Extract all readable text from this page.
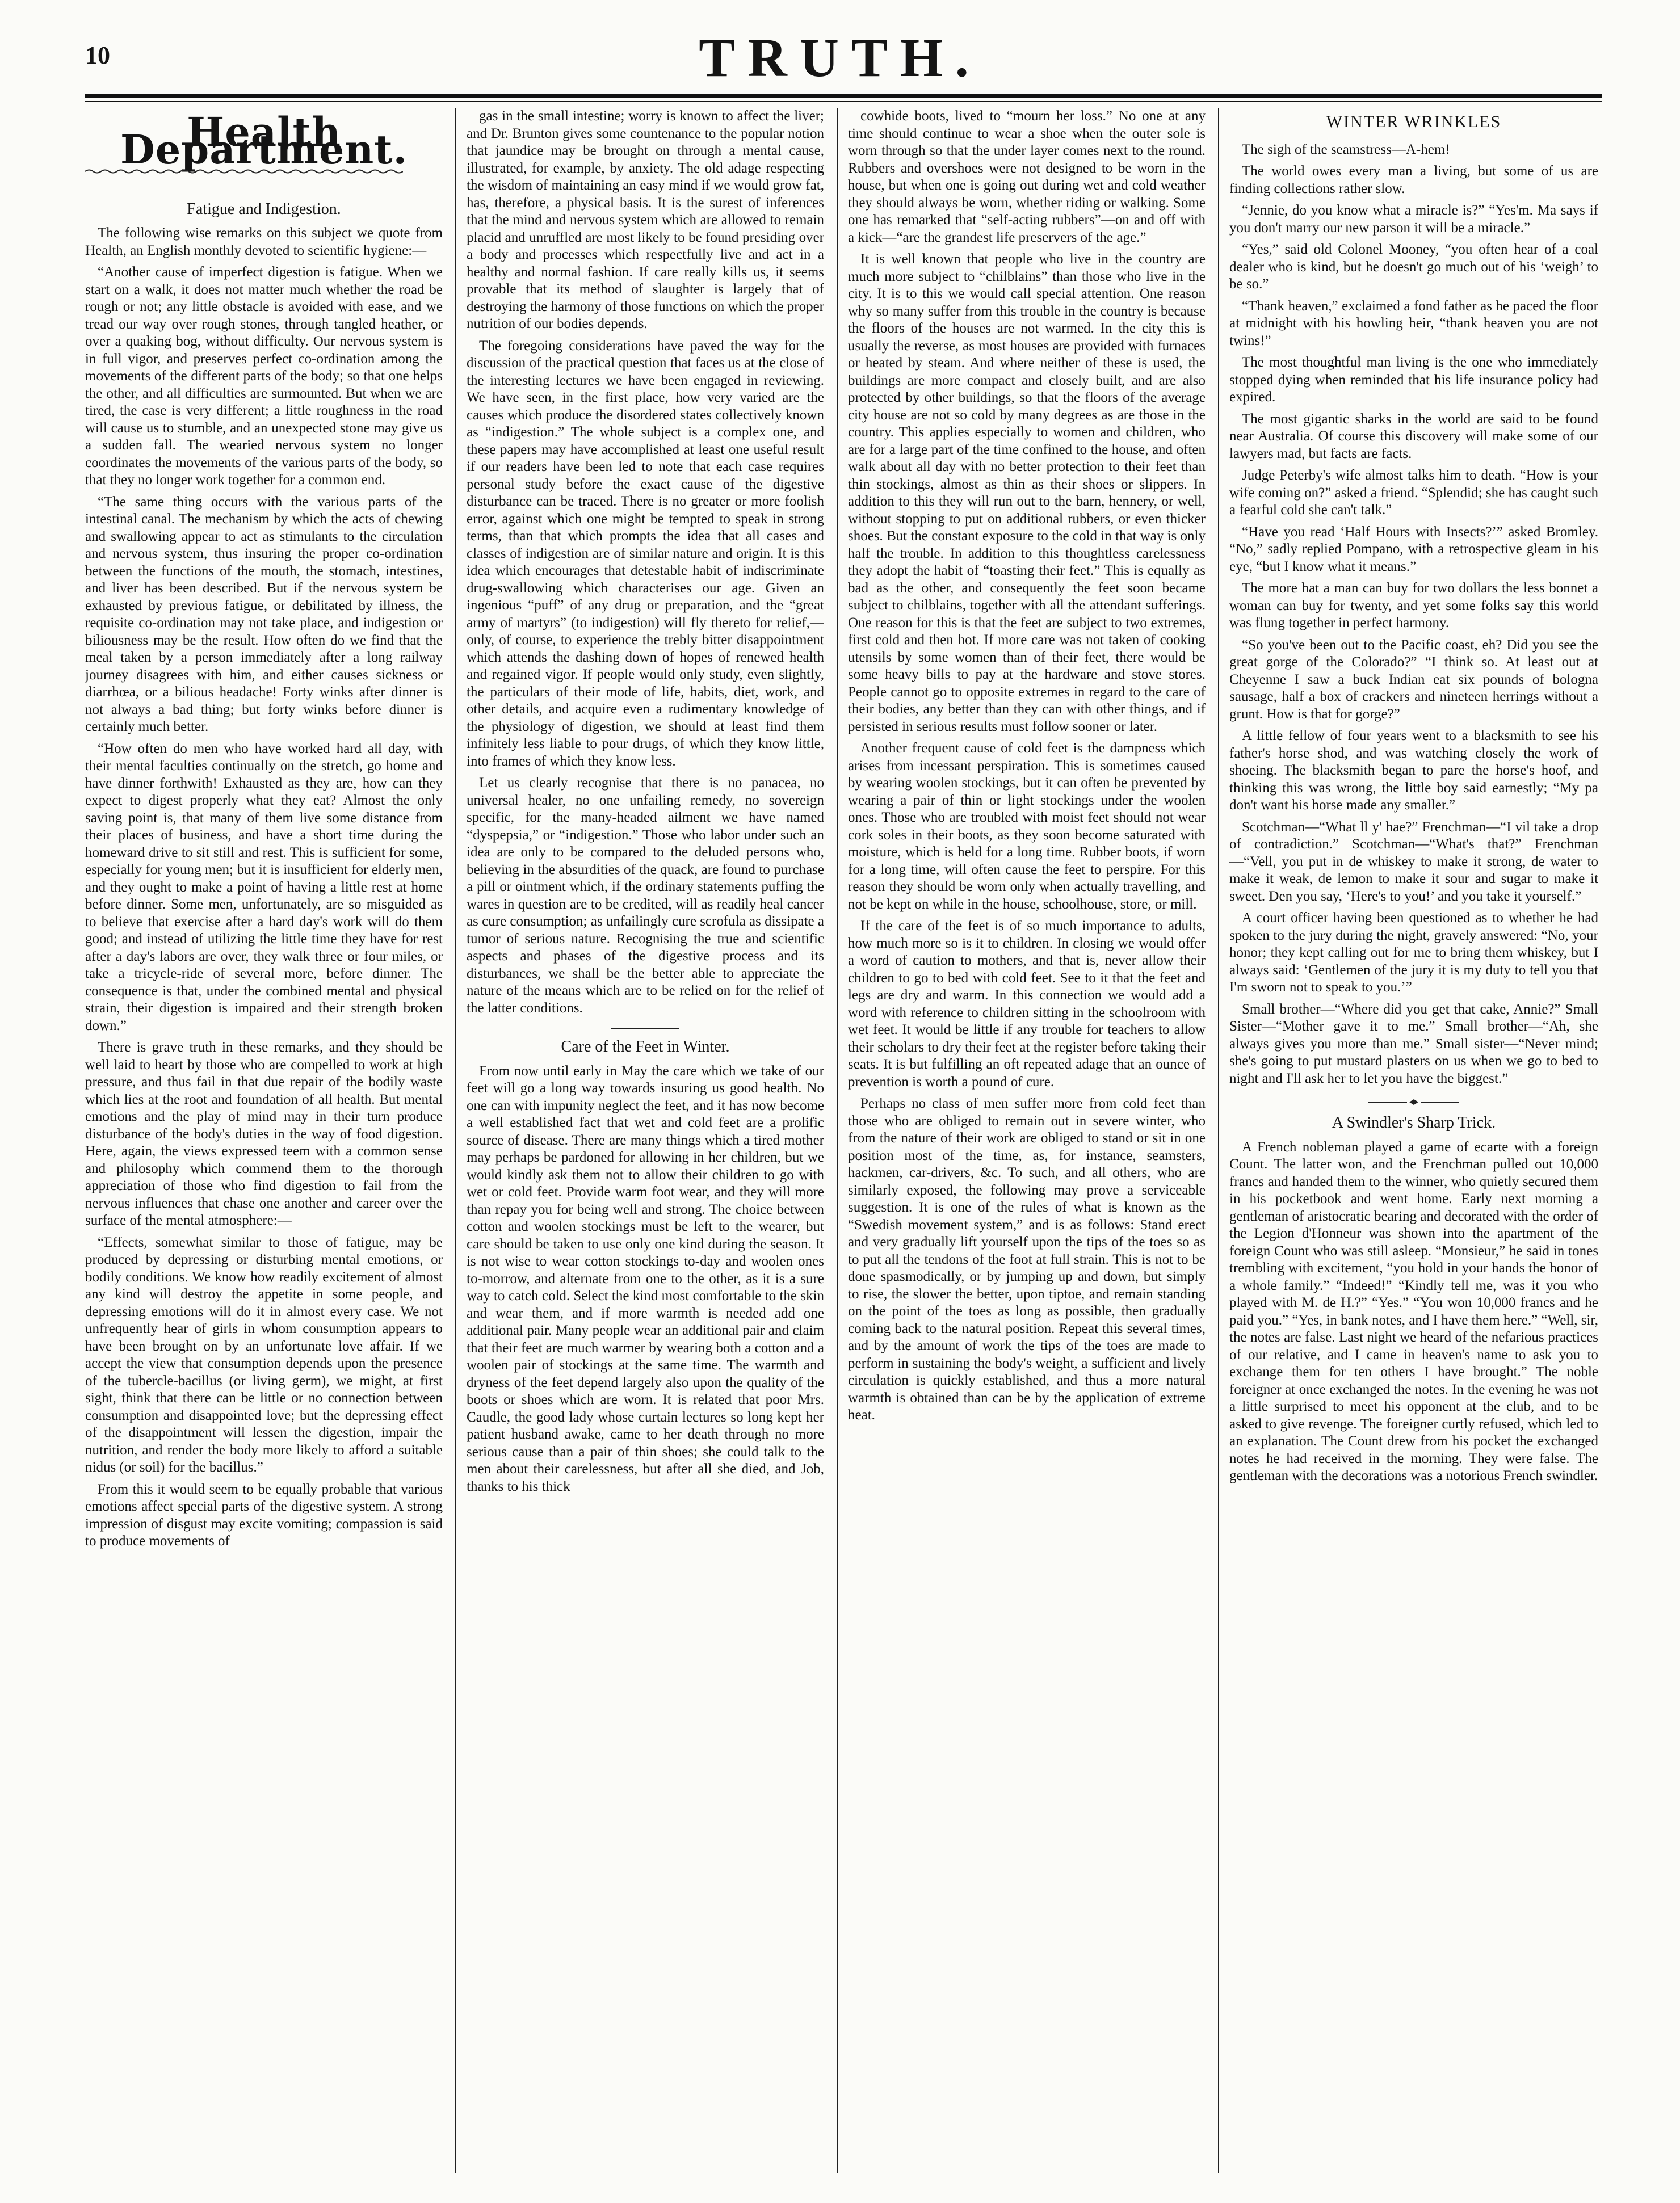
10	TRUTH.
Health Department.
Fatigue and Indigestion.

The following wise remarks on this subject we quote from Health, an English monthly devoted to scientific hygiene:—

“Another cause of imperfect digestion is fatigue. When we start on a walk, it does not matter much whether the road be rough or not; any little obstacle is avoided with ease, and we tread our way over rough stones, through tangled heather, or over a quaking bog, without difficulty. Our nervous system is in full vigor, and preserves perfect co-ordination among the movements of the different parts of the body; so that one helps the other, and all difficulties are surmounted. But when we are tired, the case is very different; a little roughness in the road will cause us to stumble, and an unexpected stone may give us a sudden fall. The wearied nervous system no longer coordinates the movements of the various parts of the body, so that they no longer work together for a common end.

“The same thing occurs with the various parts of the intestinal canal. The mechanism by which the acts of chewing and swallowing appear to act as stimulants to the circulation and nervous system, thus insuring the proper co-ordination between the functions of the mouth, the stomach, intestines, and liver has been described. But if the nervous system be exhausted by previous fatigue, or debilitated by illness, the requisite co-ordination may not take place, and indigestion or biliousness may be the result. How often do we find that the meal taken by a person immediately after a long railway journey disagrees with him, and either causes sickness or diarrhœa, or a bilious headache! Forty winks after dinner is not always a bad thing; but forty winks before dinner is certainly much better.

“How often do men who have worked hard all day, with their mental faculties continually on the stretch, go home and have dinner forthwith! Exhausted as they are, how can they expect to digest properly what they eat? Almost the only saving point is, that many of them live some distance from their places of business, and have a short time during the homeward drive to sit still and rest. This is sufficient for some, especially for young men; but it is insufficient for elderly men, and they ought to make a point of having a little rest at home before dinner. Some men, unfortunately, are so misguided as to believe that exercise after a hard day's work will do them good; and instead of utilizing the little time they have for rest after a day's labors are over, they walk three or four miles, or take a tricycle-ride of several more, before dinner. The consequence is that, under the combined mental and physical strain, their digestion is impaired and their strength broken down.”

There is grave truth in these remarks, and they should be well laid to heart by those who are compelled to work at high pressure, and thus fail in that due repair of the bodily waste which lies at the root and foundation of all health. But mental emotions and the play of mind may in their turn produce disturbance of the body's duties in the way of food digestion. Here, again, the views expressed teem with a common sense and philosophy which commend them to the thorough appreciation of those who find digestion to fail from the nervous influences that chase one another and career over the surface of the mental atmosphere:—

“Effects, somewhat similar to those of fatigue, may be produced by depressing or disturbing mental emotions, or bodily conditions. We know how readily excitement of almost any kind will destroy the appetite in some people, and depressing emotions will do it in almost every case. We not unfrequently hear of girls in whom consumption appears to have been brought on by an unfortunate love affair. If we accept the view that consumption depends upon the presence of the tubercle-bacillus (or living germ), we might, at first sight, think that there can be little or no connection between consumption and disappointed love; but the depressing effect of the disappointment will lessen the digestion, impair the nutrition, and render the body more likely to afford a suitable nidus (or soil) for the bacillus.”

From this it would seem to be equally probable that various emotions affect special parts of the digestive system. A strong impression of disgust may excite vomiting; compassion is said to produce movements of

gas in the small intestine; worry is known to affect the liver; and Dr. Brunton gives some countenance to the popular notion that jaundice may be brought on through a mental cause, illustrated, for example, by anxiety. The old adage respecting the wisdom of maintaining an easy mind if we would grow fat, has, therefore, a physical basis. It is the surest of inferences that the mind and nervous system which are allowed to remain placid and unruffled are most likely to be found presiding over a body and processes which respectfully live and act in a healthy and normal fashion. If care really kills us, it seems provable that its method of slaughter is largely that of destroying the harmony of those functions on which the proper nutrition of our bodies depends.

The foregoing considerations have paved the way for the discussion of the practical question that faces us at the close of the interesting lectures we have been engaged in reviewing. We have seen, in the first place, how very varied are the causes which produce the disordered states collectively known as “indigestion.” The whole subject is a complex one, and these papers may have accomplished at least one useful result if our readers have been led to note that each case requires personal study before the exact cause of the digestive disturbance can be traced. There is no greater or more foolish error, against which one might be tempted to speak in strong terms, than that which prompts the idea that all cases and classes of indigestion are of similar nature and origin. It is this idea which encourages that detestable habit of indiscriminate drug-swallowing which characterises our age. Given an ingenious “puff” of any drug or preparation, and the “great army of martyrs” (to indigestion) will fly thereto for relief,—only, of course, to experience the trebly bitter disappointment which attends the dashing down of hopes of renewed health and regained vigor. If people would only study, even slightly, the particulars of their mode of life, habits, diet, work, and other details, and acquire even a rudimentary knowledge of the physiology of digestion, we should at least find them infinitely less liable to pour drugs, of which they know little, into frames of which they know less.

Let us clearly recognise that there is no panacea, no universal healer, no one unfailing remedy, no sovereign specific, for the many-headed ailment we have named “dyspepsia,” or “indigestion.” Those who labor under such an idea are only to be compared to the deluded persons who, believing in the absurdities of the quack, are found to purchase a pill or ointment which, if the ordinary statements puffing the wares in question are to be credited, will as readily heal cancer as cure consumption; as unfailingly cure scrofula as dissipate a tumor of serious nature. Recognising the true and scientific aspects and phases of the digestive process and its disturbances, we shall be the better able to appreciate the nature of the means which are to be relied on for the relief of the latter conditions.

Care of the Feet in Winter.

From now until early in May the care which we take of our feet will go a long way towards insuring us good health. No one can with impunity neglect the feet, and it has now become a well established fact that wet and cold feet are a prolific source of disease. There are many things which a tired mother may perhaps be pardoned for allowing in her children, but we would kindly ask them not to allow their children to go with wet or cold feet. Provide warm foot wear, and they will more than repay you for being well and strong. The choice between cotton and woolen stockings must be left to the wearer, but care should be taken to use only one kind during the season. It is not wise to wear cotton stockings to-day and woolen ones to-morrow, and alternate from one to the other, as it is a sure way to catch cold. Select the kind most comfortable to the skin and wear them, and if more warmth is needed add one additional pair. Many people wear an additional pair and claim that their feet are much warmer by wearing both a cotton and a woolen pair of stockings at the same time. The warmth and dryness of the feet depend largely also upon the quality of the boots or shoes which are worn. It is related that poor Mrs. Caudle, the good lady whose curtain lectures so long kept her patient husband awake, came to her death through no more serious cause than a pair of thin shoes; she could talk to the men about their carelessness, but after all she died, and Job, thanks to his thick

cowhide boots, lived to “mourn her loss.” No one at any time should continue to wear a shoe when the outer sole is worn through so that the under layer comes next to the round. Rubbers and overshoes were not designed to be worn in the house, but when one is going out during wet and cold weather they should always be worn, whether riding or walking. Some one has remarked that “self-acting rubbers”—on and off with a kick—“are the grandest life preservers of the age.”

It is well known that people who live in the country are much more subject to “chilblains” than those who live in the city. It is to this we would call special attention. One reason why so many suffer from this trouble in the country is because the floors of the houses are not warmed. In the city this is usually the reverse, as most houses are provided with furnaces or heated by steam. And where neither of these is used, the buildings are more compact and closely built, and are also protected by other buildings, so that the floors of the average city house are not so cold by many degrees as are those in the country. This applies especially to women and children, who are for a large part of the time confined to the house, and often walk about all day with no better protection to their feet than thin stockings, almost as thin as their shoes or slippers. In addition to this they will run out to the barn, hennery, or well, without stopping to put on additional rubbers, or even thicker shoes. But the constant exposure to the cold in that way is only half the trouble. In addition to this thoughtless carelessness they adopt the habit of “toasting their feet.” This is equally as bad as the other, and consequently the feet soon became subject to chilblains, together with all the attendant sufferings. One reason for this is that the feet are subject to two extremes, first cold and then hot. If more care was not taken of cooking utensils by some women than of their feet, there would be some heavy bills to pay at the hardware and stove stores. People cannot go to opposite extremes in regard to the care of their bodies, any better than they can with other things, and if persisted in serious results must follow sooner or later.

Another frequent cause of cold feet is the dampness which arises from incessant perspiration. This is sometimes caused by wearing woolen stockings, but it can often be prevented by wearing a pair of thin or light stockings under the woolen ones. Those who are troubled with moist feet should not wear cork soles in their boots, as they soon become saturated with moisture, which is held for a long time. Rubber boots, if worn for a long time, will often cause the feet to perspire. For this reason they should be worn only when actually travelling, and not be kept on while in the house, schoolhouse, store, or mill.

If the care of the feet is of so much importance to adults, how much more so is it to children. In closing we would offer a word of caution to mothers, and that is, never allow their children to go to bed with cold feet. See to it that the feet and legs are dry and warm. In this connection we would add a word with reference to children sitting in the schoolroom with wet feet. It would be little if any trouble for teachers to allow their scholars to dry their feet at the register before taking their seats. It is but fulfilling an oft repeated adage that an ounce of prevention is worth a pound of cure.

Perhaps no class of men suffer more from cold feet than those who are obliged to remain out in severe winter, who from the nature of their work are obliged to stand or sit in one position most of the time, as, for instance, seamsters, hackmen, car-drivers, &c. To such, and all others, who are similarly exposed, the following may prove a serviceable suggestion. It is one of the rules of what is known as the “Swedish movement system,” and is as follows: Stand erect and very gradually lift yourself upon the tips of the toes so as to put all the tendons of the foot at full strain. This is not to be done spasmodically, or by jumping up and down, but simply to rise, the slower the better, upon tiptoe, and remain standing on the point of the toes as long as possible, then gradually coming back to the natural position. Repeat this several times, and by the amount of work the tips of the toes are made to perform in sustaining the body's weight, a sufficient and lively circulation is quickly established, and thus a more natural warmth is obtained than can be by the application of extreme heat.

WINTER WRINKLES

The sigh of the seamstress—A-hem!

The world owes every man a living, but some of us are finding collections rather slow.

“Jennie, do you know what a miracle is?” “Yes'm. Ma says if you don't marry our new parson it will be a miracle.”

“Yes,” said old Colonel Mooney, “you often hear of a coal dealer who is kind, but he doesn't go much out of his ‘weigh’ to be so.”

“Thank heaven,” exclaimed a fond father as he paced the floor at midnight with his howling heir, “thank heaven you are not twins!”

The most thoughtful man living is the one who immediately stopped dying when reminded that his life insurance policy had expired.

The most gigantic sharks in the world are said to be found near Australia. Of course this discovery will make some of our lawyers mad, but facts are facts.

Judge Peterby's wife almost talks him to death. “How is your wife coming on?” asked a friend. “Splendid; she has caught such a fearful cold she can't talk.”

“Have you read ‘Half Hours with Insects?’” asked Bromley. “No,” sadly replied Pompano, with a retrospective gleam in his eye, “but I know what it means.”

The more hat a man can buy for two dollars the less bonnet a woman can buy for twenty, and yet some folks say this world was flung together in perfect harmony.

“So you've been out to the Pacific coast, eh? Did you see the great gorge of the Colorado?” “I think so. At least out at Cheyenne I saw a buck Indian eat six pounds of bologna sausage, half a box of crackers and nineteen herrings without a grunt. How is that for gorge?”

A little fellow of four years went to a blacksmith to see his father's horse shod, and was watching closely the work of shoeing. The blacksmith began to pare the horse's hoof, and thinking this was wrong, the little boy said earnestly; “My pa don't want his horse made any smaller.”

Scotchman—“What ll y' hae?” Frenchman—“I vil take a drop of contradiction.” Scotchman—“What's that?” Frenchman—“Vell, you put in de whiskey to make it strong, de water to make it weak, de lemon to make it sour and sugar to make it sweet. Den you say, ‘Here's to you!’ and you take it yourself.”

A court officer having been questioned as to whether he had spoken to the jury during the night, gravely answered: “No, your honor; they kept calling out for me to bring them whiskey, but I always said: ‘Gentlemen of the jury it is my duty to tell you that I'm sworn not to speak to you.’”

Small brother—“Where did you get that cake, Annie?” Small Sister—“Mother gave it to me.” Small brother—“Ah, she always gives you more than me.” Small sister—“Never mind; she's going to put mustard plasters on us when we go to bed to night and I'll ask her to let you have the biggest.”

A Swindler's Sharp Trick.

A French nobleman played a game of ecarte with a foreign Count. The latter won, and the Frenchman pulled out 10,000 francs and handed them to the winner, who quietly secured them in his pocketbook and went home. Early next morning a gentleman of aristocratic bearing and decorated with the order of the Legion d'Honneur was shown into the apartment of the foreign Count who was still asleep. “Monsieur,” he said in tones trembling with excitement, “you hold in your hands the honor of a whole family.” “Indeed!” “Kindly tell me, was it you who played with M. de H.?” “Yes.” “You won 10,000 francs and he paid you.” “Yes, in bank notes, and I have them here.” “Well, sir, the notes are false. Last night we heard of the nefarious practices of our relative, and I came in heaven's name to ask you to exchange them for ten others I have brought.” The noble foreigner at once exchanged the notes. In the evening he was not a little surprised to meet his opponent at the club, and to be asked to give revenge. The foreigner curtly refused, which led to an explanation. The Count drew from his pocket the exchanged notes he had received in the morning. They were false. The gentleman with the decorations was a notorious French swindler.
